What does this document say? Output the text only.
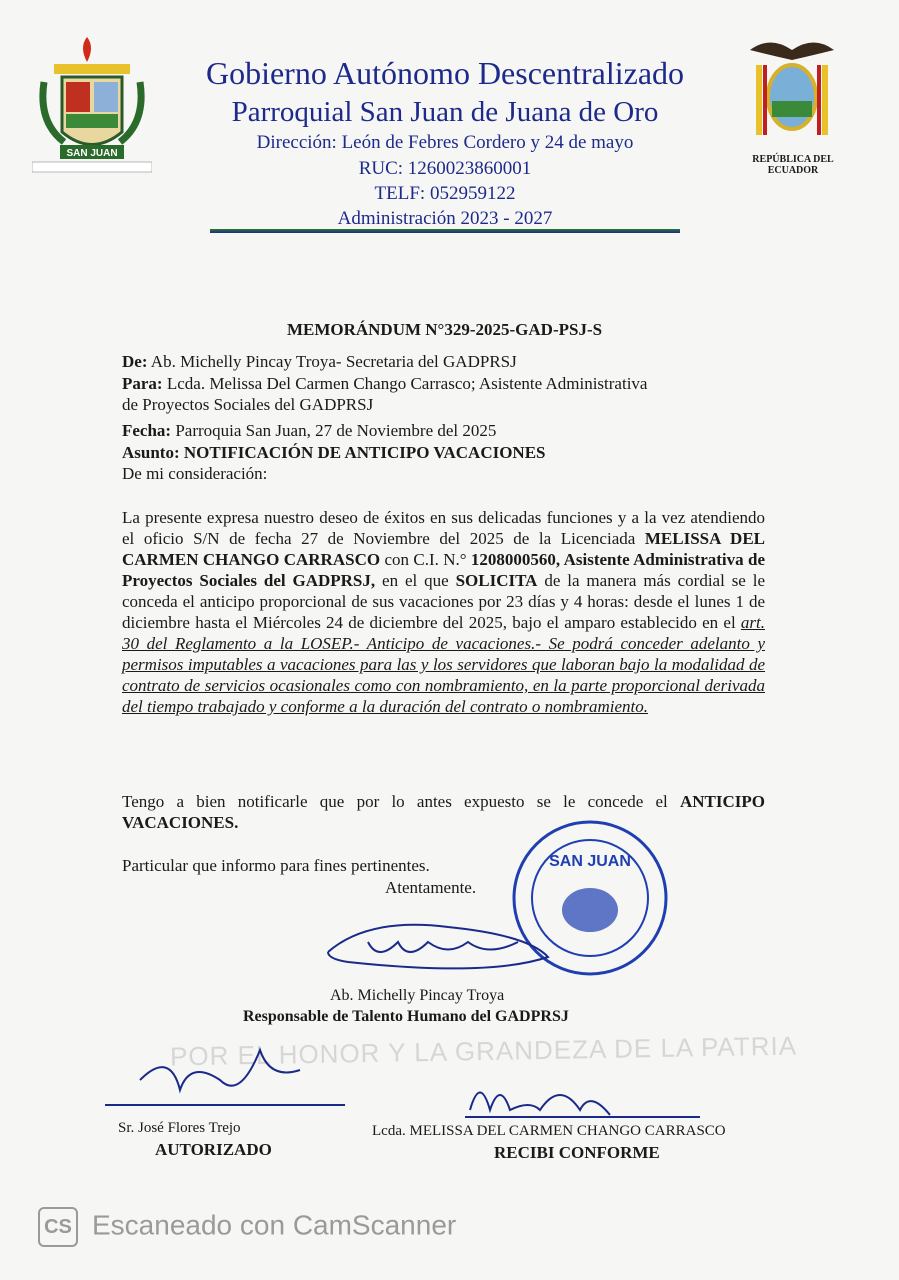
POR EL HONOR Y LA GRANDEZA DE LA PATRIA
SAN JUAN
REPÚBLICA DEL ECUADOR
Gobierno Autónomo Descentralizado
Parroquial San Juan de Juana de Oro
Dirección: León de Febres Cordero y 24 de mayo
RUC: 1260023860001
TELF: 052959122
Administración 2023 - 2027
MEMORÁNDUM N°329-2025-GAD-PSJ-S
De: Ab. Michelly Pincay Troya- Secretaria del GADPRSJ
Para: Lcda. Melissa Del Carmen Chango Carrasco; Asistente Administrativa
de Proyectos Sociales del GADPRSJ
Fecha: Parroquia San Juan, 27 de Noviembre del 2025
Asunto: NOTIFICACIÓN DE ANTICIPO VACACIONES
De mi consideración:
La presente expresa nuestro deseo de éxitos en sus delicadas funciones y a la vez atendiendo el oficio S/N de fecha 27 de Noviembre del 2025 de la Licenciada MELISSA DEL CARMEN CHANGO CARRASCO con C.I. N.° 1208000560, Asistente Administrativa de Proyectos Sociales del GADPRSJ, en el que SOLICITA de la manera más cordial se le conceda el anticipo proporcional de sus vacaciones por 23 días y 4 horas: desde el lunes 1 de diciembre hasta el Miércoles 24 de diciembre del 2025, bajo el amparo establecido en el art. 30 del Reglamento a la LOSEP.- Anticipo de vacaciones.- Se podrá conceder adelanto y permisos imputables a vacaciones para las y los servidores que laboran bajo la modalidad de contrato de servicios ocasionales como con nombramiento, en la parte proporcional derivada del tiempo trabajado y conforme a la duración del contrato o nombramiento.
Tengo a bien notificarle que por lo antes expuesto se le concede el ANTICIPO VACACIONES.
Particular que informo para fines pertinentes.
Atentamente.
SAN JUAN
Ab. Michelly Pincay Troya
Responsable de Talento Humano del GADPRSJ
Sr. José Flores Trejo
AUTORIZADO
Lcda. MELISSA DEL CARMEN CHANGO CARRASCO
RECIBI CONFORME
CS Escaneado con CamScanner
